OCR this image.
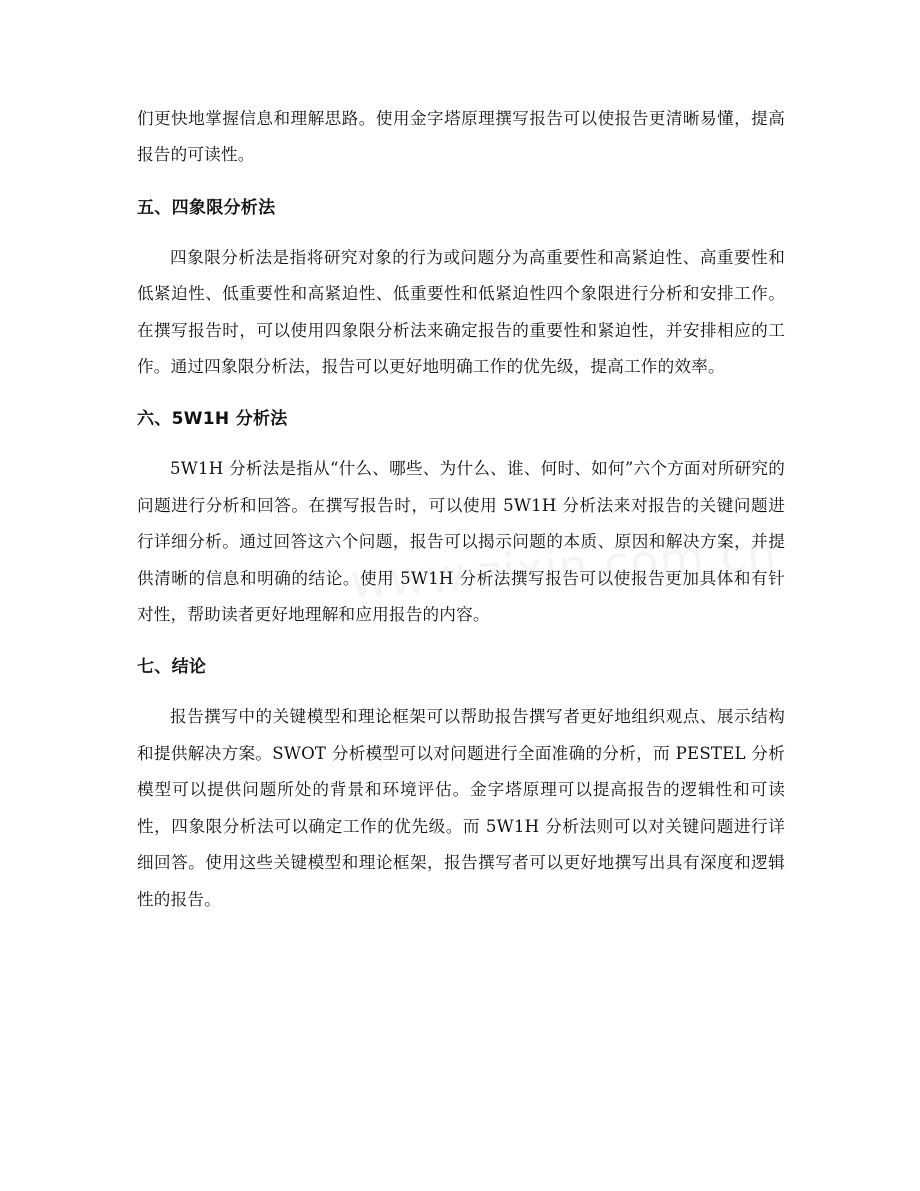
们更快地掌握信息和理解思路。使用金字塔原理撰写报告可以使报告更清晰易懂，提高报告的可读性。

五、四象限分析法

四象限分析法是指将研究对象的行为或问题分为高重要性和高紧迫性、高重要性和低紧迫性、低重要性和高紧迫性、低重要性和低紧迫性四个象限进行分析和安排工作。在撰写报告时，可以使用四象限分析法来确定报告的重要性和紧迫性，并安排相应的工作。通过四象限分析法，报告可以更好地明确工作的优先级，提高工作的效率。

六、5W1H 分析法

5W1H 分析法是指从“什么、哪些、为什么、谁、何时、如何”六个方面对所研究的问题进行分析和回答。在撰写报告时，可以使用 5W1H 分析法来对报告的关键问题进行详细分析。通过回答这六个问题，报告可以揭示问题的本质、原因和解决方案，并提供清晰的信息和明确的结论。使用 5W1H 分析法撰写报告可以使报告更加具体和有针对性，帮助读者更好地理解和应用报告的内容。

七、结论

报告撰写中的关键模型和理论框架可以帮助报告撰写者更好地组织观点、展示结构和提供解决方案。SWOT 分析模型可以对问题进行全面准确的分析，而 PESTEL 分析模型可以提供问题所处的背景和环境评估。金字塔原理可以提高报告的逻辑性和可读性，四象限分析法可以确定工作的优先级。而 5W1H 分析法则可以对关键问题进行详细回答。使用这些关键模型和理论框架，报告撰写者可以更好地撰写出具有深度和逻辑性的报告。
